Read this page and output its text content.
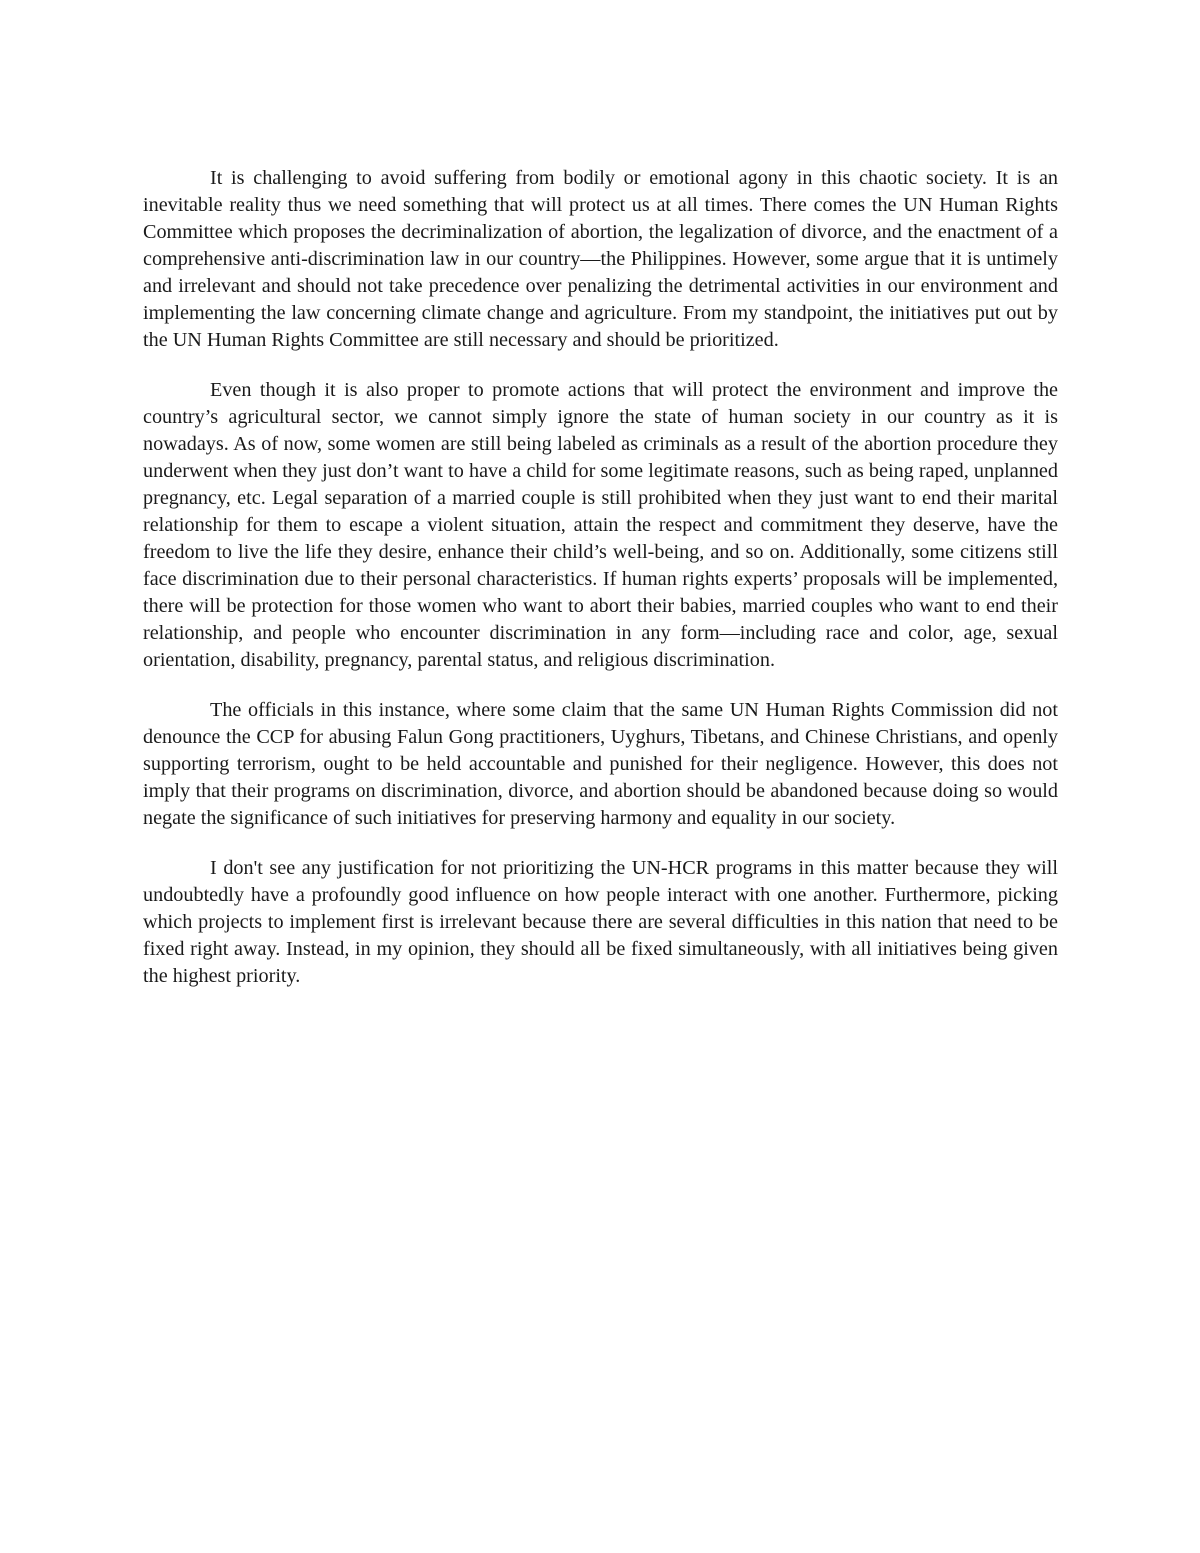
It is challenging to avoid suffering from bodily or emotional agony in this chaotic society. It is an inevitable reality thus we need something that will protect us at all times. There comes the UN Human Rights Committee which proposes the decriminalization of abortion, the legalization of divorce, and the enactment of a comprehensive anti-discrimination law in our country—the Philippines. However, some argue that it is untimely and irrelevant and should not take precedence over penalizing the detrimental activities in our environment and implementing the law concerning climate change and agriculture. From my standpoint, the initiatives put out by the UN Human Rights Committee are still necessary and should be prioritized.

Even though it is also proper to promote actions that will protect the environment and improve the country’s agricultural sector, we cannot simply ignore the state of human society in our country as it is nowadays. As of now, some women are still being labeled as criminals as a result of the abortion procedure they underwent when they just don’t want to have a child for some legitimate reasons, such as being raped, unplanned pregnancy, etc. Legal separation of a married couple is still prohibited when they just want to end their marital relationship for them to escape a violent situation, attain the respect and commitment they deserve, have the freedom to live the life they desire, enhance their child’s well-being, and so on. Additionally, some citizens still face discrimination due to their personal characteristics. If human rights experts’ proposals will be implemented, there will be protection for those women who want to abort their babies, married couples who want to end their relationship, and people who encounter discrimination in any form—including race and color, age, sexual orientation, disability, pregnancy, parental status, and religious discrimination.

The officials in this instance, where some claim that the same UN Human Rights Commission did not denounce the CCP for abusing Falun Gong practitioners, Uyghurs, Tibetans, and Chinese Christians, and openly supporting terrorism, ought to be held accountable and punished for their negligence. However, this does not imply that their programs on discrimination, divorce, and abortion should be abandoned because doing so would negate the significance of such initiatives for preserving harmony and equality in our society.

I don't see any justification for not prioritizing the UN-HCR programs in this matter because they will undoubtedly have a profoundly good influence on how people interact with one another. Furthermore, picking which projects to implement first is irrelevant because there are several difficulties in this nation that need to be fixed right away. Instead, in my opinion, they should all be fixed simultaneously, with all initiatives being given the highest priority.
